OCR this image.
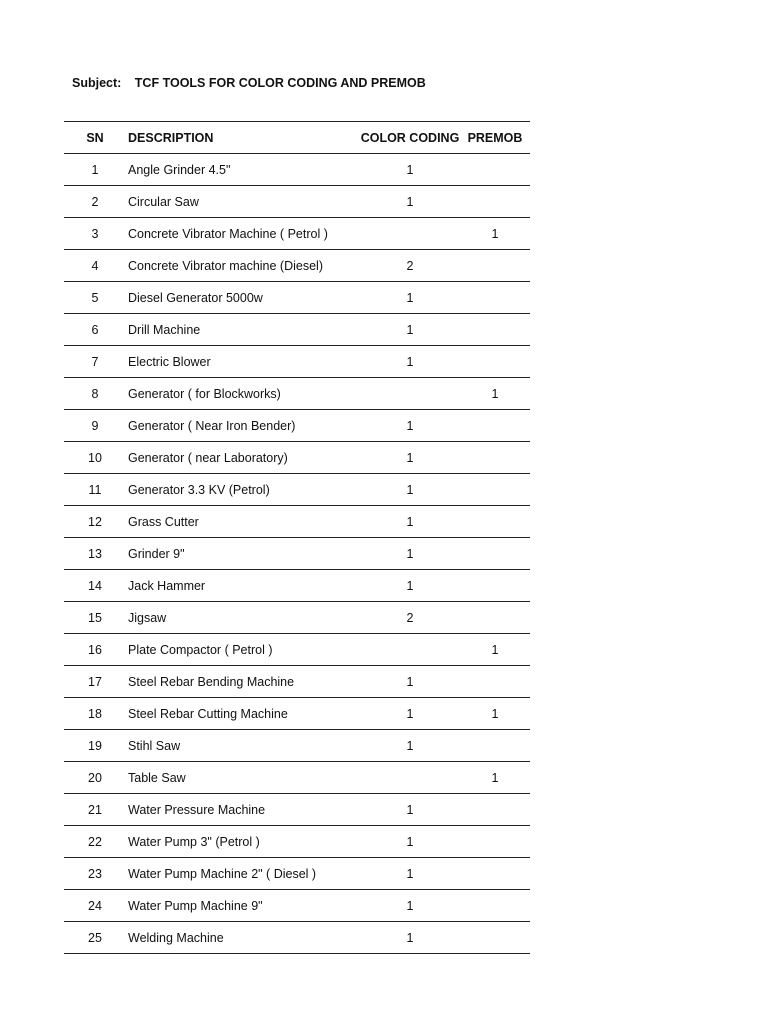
Subject: TCF TOOLS FOR COLOR CODING AND PREMOB
SN	DESCRIPTION	COLOR CODING	PREMOB
1	Angle Grinder 4.5"	1	
2	Circular Saw	1	
3	Concrete Vibrator Machine ( Petrol )		1
4	Concrete Vibrator machine (Diesel)	2	
5	Diesel Generator 5000w	1	
6	Drill Machine	1	
7	Electric Blower	1	
8	Generator ( for Blockworks)		1
9	Generator ( Near Iron Bender)	1	
10	Generator ( near Laboratory)	1	
11	Generator 3.3 KV (Petrol)	1	
12	Grass Cutter	1	
13	Grinder 9"	1	
14	Jack Hammer	1	
15	Jigsaw	2	
16	Plate Compactor ( Petrol )		1
17	Steel Rebar Bending Machine	1	
18	Steel Rebar Cutting Machine	1	1
19	Stihl Saw	1	
20	Table Saw		1
21	Water Pressure Machine	1	
22	Water Pump 3" (Petrol )	1	
23	Water Pump Machine 2" ( Diesel )	1	
24	Water Pump Machine 9"	1	
25	Welding Machine	1	
